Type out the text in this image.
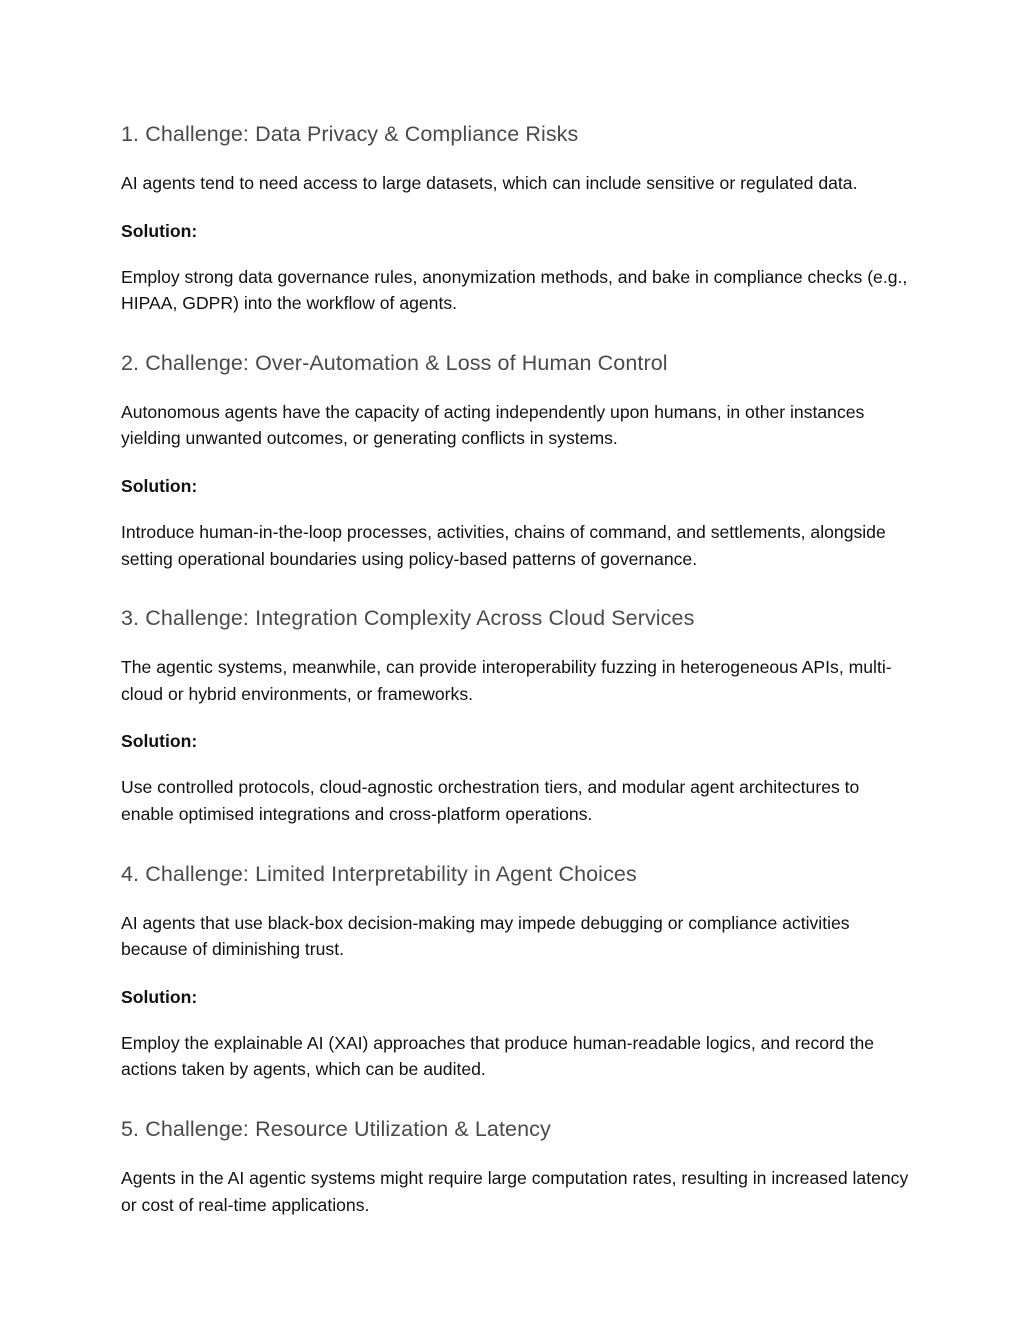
1. Challenge: Data Privacy & Compliance Risks

AI agents tend to need access to large datasets, which can include sensitive or regulated data.

Solution:

Employ strong data governance rules, anonymization methods, and bake in compliance checks (e.g., HIPAA, GDPR) into the workflow of agents.

2. Challenge: Over-Automation & Loss of Human Control

Autonomous agents have the capacity of acting independently upon humans, in other instances yielding unwanted outcomes, or generating conflicts in systems.

Solution:

Introduce human-in-the-loop processes, activities, chains of command, and settlements, alongside setting operational boundaries using policy-based patterns of governance.

3. Challenge: Integration Complexity Across Cloud Services

The agentic systems, meanwhile, can provide interoperability fuzzing in heterogeneous APIs, multi-cloud or hybrid environments, or frameworks.

Solution:

Use controlled protocols, cloud-agnostic orchestration tiers, and modular agent architectures to enable optimised integrations and cross-platform operations.

4. Challenge: Limited Interpretability in Agent Choices

AI agents that use black-box decision-making may impede debugging or compliance activities because of diminishing trust.

Solution:

Employ the explainable AI (XAI) approaches that produce human-readable logics, and record the actions taken by agents, which can be audited.

5. Challenge: Resource Utilization & Latency

Agents in the AI agentic systems might require large computation rates, resulting in increased latency or cost of real-time applications.
